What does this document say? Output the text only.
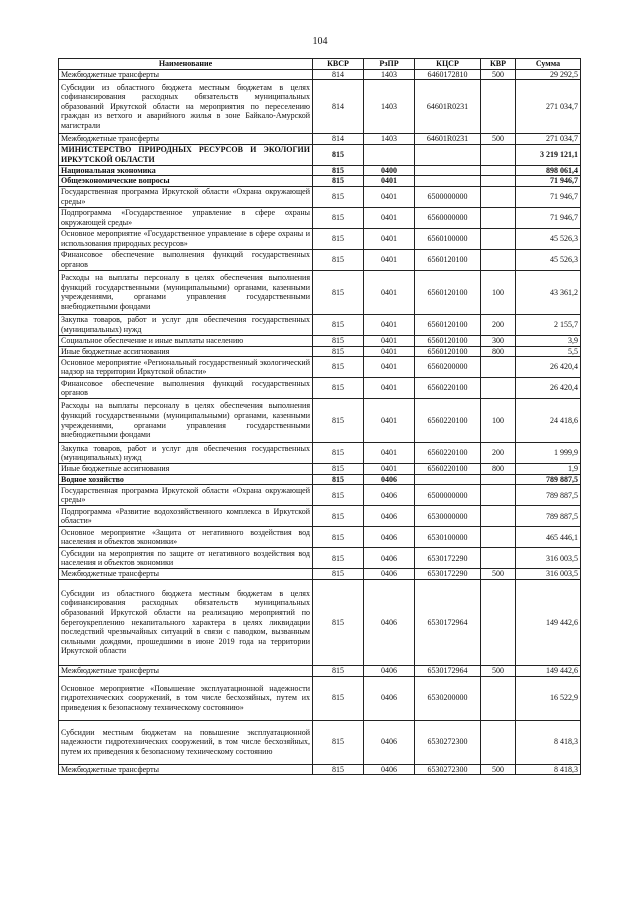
104
Наименование	КВСР	РзПР	КЦСР	КВР	Сумма
Межбюджетные трансферты	814	1403	6460172810	500	29 292,5
Субсидии из областного бюджета местным бюджетам в целях софинансирования расходных обязательств муниципальных образований Иркутской области на мероприятия по переселению граждан из ветхого и аварийного жилья в зоне Байкало-Амурской магистрали	814	1403	64601R0231		271 034,7
Межбюджетные трансферты	814	1403	64601R0231	500	271 034,7
МИНИСТЕРСТВО ПРИРОДНЫХ РЕСУРСОВ И ЭКОЛОГИИ ИРКУТСКОЙ ОБЛАСТИ	815				3 219 121,1
Национальная экономика	815	0400			898 061,4
Общеэкономические вопросы	815	0401			71 946,7
Государственная программа Иркутской области «Охрана окружающей среды»	815	0401	6500000000		71 946,7
Подпрограмма «Государственное управление в сфере охраны окружающей среды»	815	0401	6560000000		71 946,7
Основное мероприятие «Государственное управление в сфере охраны и использования природных ресурсов»	815	0401	6560100000		45 526,3
Финансовое обеспечение выполнения функций государственных органов	815	0401	6560120100		45 526,3
Расходы на выплаты персоналу в целях обеспечения выполнения функций государственными (муниципальными) органами, казенными учреждениями, органами управления государственными внебюджетными фондами	815	0401	6560120100	100	43 361,2
Закупка товаров, работ и услуг для обеспечения государственных (муниципальных) нужд	815	0401	6560120100	200	2 155,7
Социальное обеспечение и иные выплаты населению	815	0401	6560120100	300	3,9
Иные бюджетные ассигнования	815	0401	6560120100	800	5,5
Основное мероприятие «Региональный государственный экологический надзор на территории Иркутской области»	815	0401	6560200000		26 420,4
Финансовое обеспечение выполнения функций государственных органов	815	0401	6560220100		26 420,4
Расходы на выплаты персоналу в целях обеспечения выполнения функций государственными (муниципальными) органами, казенными учреждениями, органами управления государственными внебюджетными фондами	815	0401	6560220100	100	24 418,6
Закупка товаров, работ и услуг для обеспечения государственных (муниципальных) нужд	815	0401	6560220100	200	1 999,9
Иные бюджетные ассигнования	815	0401	6560220100	800	1,9
Водное хозяйство	815	0406			789 887,5
Государственная программа Иркутской области «Охрана окружающей среды»	815	0406	6500000000		789 887,5
Подпрограмма «Развитие водохозяйственного комплекса в Иркутской области»	815	0406	6530000000		789 887,5
Основное мероприятие «Защита от негативного воздействия вод населения и объектов экономики»	815	0406	6530100000		465 446,1
Субсидии на мероприятия по защите от негативного воздействия вод населения и объектов экономики	815	0406	6530172290		316 003,5
Межбюджетные трансферты	815	0406	6530172290	500	316 003,5
Субсидии из областного бюджета местным бюджетам в целях софинансирования расходных обязательств муниципальных образований Иркутской области на реализацию мероприятий по берегоукреплению некапитального характера в целях ликвидации последствий чрезвычайных ситуаций в связи с паводком, вызванным сильными дождями, прошедшими в июне 2019 года на территории Иркутской области	815	0406	6530172964		149 442,6
Межбюджетные трансферты	815	0406	6530172964	500	149 442,6
Основное мероприятие «Повышение эксплуатационной надежности гидротехнических сооружений, в том числе бесхозяйных, путем их приведения к безопасному техническому состоянию»	815	0406	6530200000		16 522,9
Субсидии местным бюджетам на повышение эксплуатационной надежности гидротехнических сооружений, в том числе бесхозяйных, путем их приведения к безопасному техническому состоянию	815	0406	6530272300		8 418,3
Межбюджетные трансферты	815	0406	6530272300	500	8 418,3
